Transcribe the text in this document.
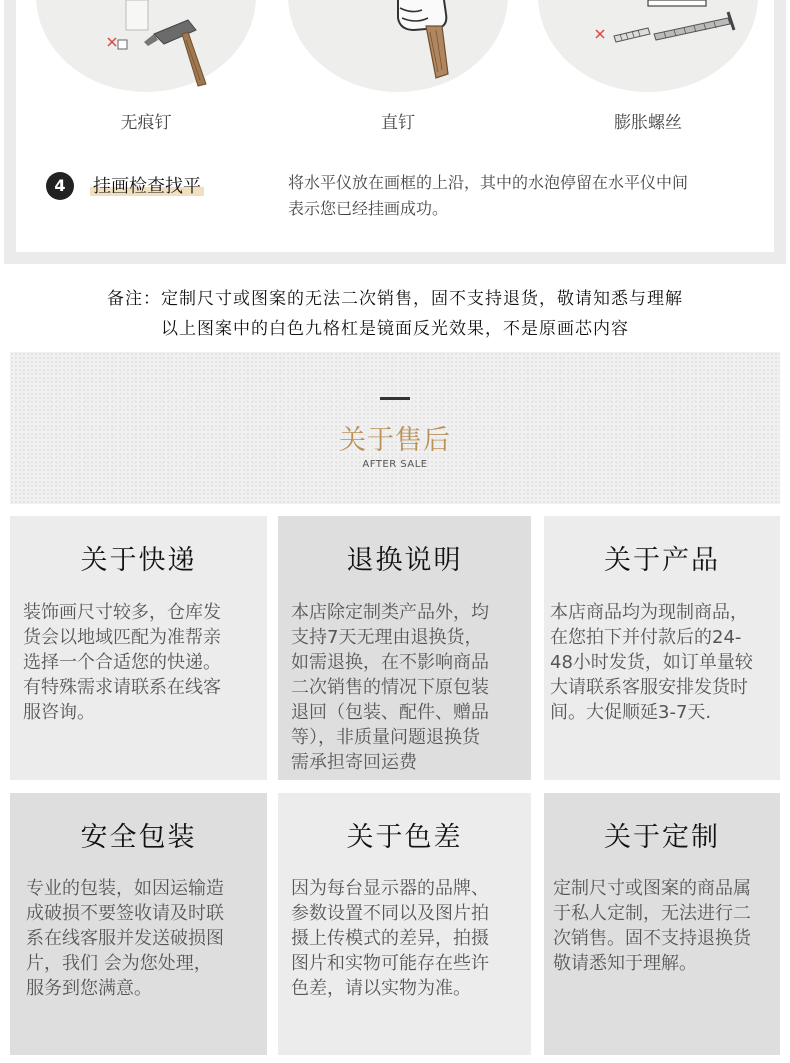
无痕钉	直钉	膨胀螺丝
4	挂画检查找平	将水平仪放在画框的上沿，其中的水泡停留在水平仪中间
表示您已经挂画成功。
备注：定制尺寸或图案的无法二次销售，固不支持退货，敬请知悉与理解
以上图案中的白色九格杠是镜面反光效果，不是原画芯内容
关于售后
AFTER SALE
关于快递
装饰画尺寸较多，仓库发
货会以地域匹配为准帮亲
选择一个合适您的快递。
有特殊需求请联系在线客
服咨询。
退换说明
本店除定制类产品外，均
支持7天无理由退换货，
如需退换，在不影响商品
二次销售的情况下原包装
退回（包装、配件、赠品
等），非质量问题退换货
需承担寄回运费
关于产品
本店商品均为现制商品，
在您拍下并付款后的24-
48小时发货，如订单量较
大请联系客服安排发货时
间。大促顺延3-7天.
安全包装
专业的包装，如因运输造
成破损不要签收请及时联
系在线客服并发送破损图
片，我们 会为您处理，
服务到您满意。
关于色差
因为每台显示器的品牌、
参数设置不同以及图片拍
摄上传模式的差异，拍摄
图片和实物可能存在些许
色差，请以实物为准。
关于定制
定制尺寸或图案的商品属
于私人定制，无法进行二
次销售。固不支持退换货
敬请悉知于理解。
